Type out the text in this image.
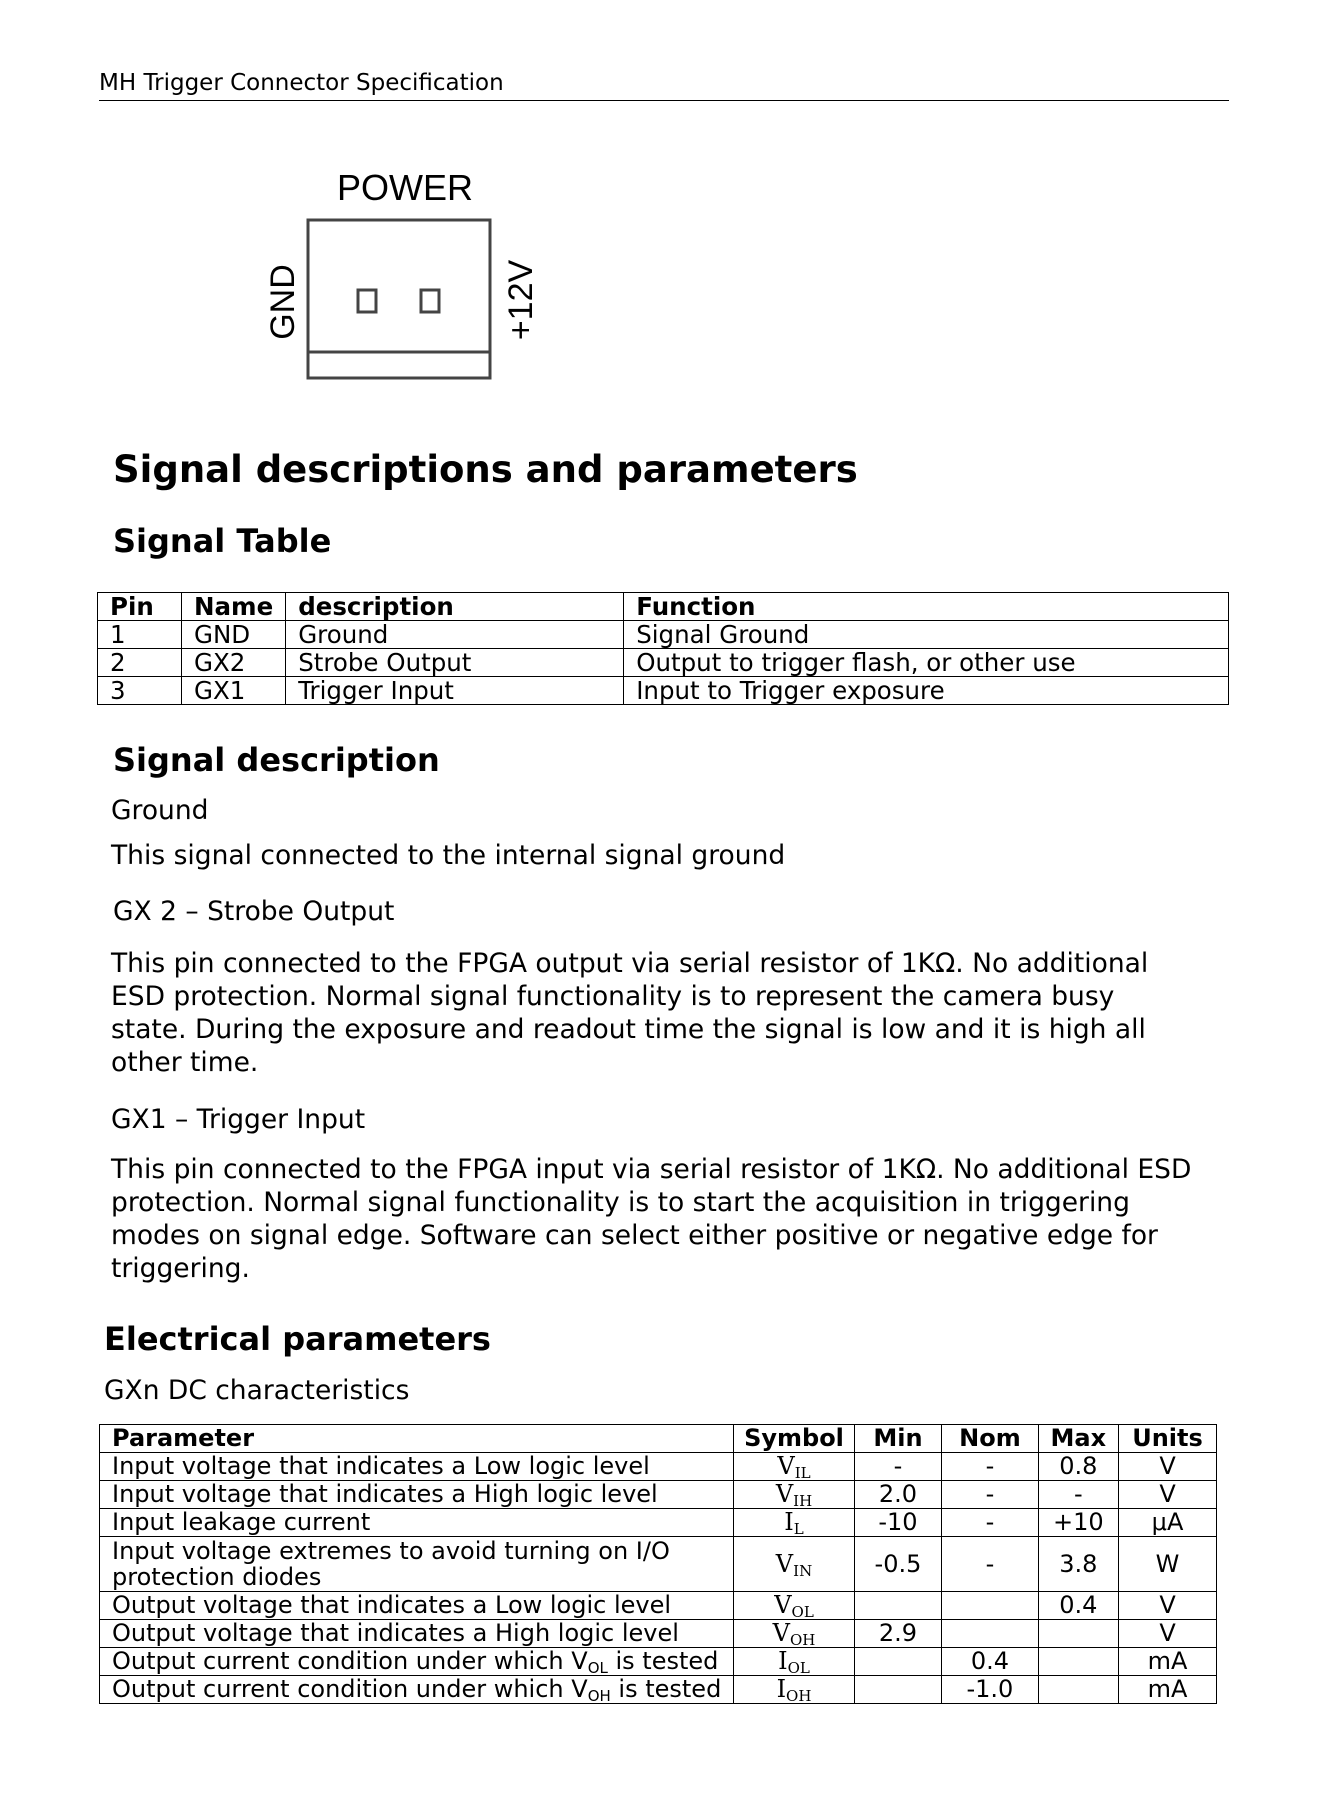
MH Trigger Connector Specification
POWER
GND	+12V
Signal descriptions and parameters
Signal Table
Pin	Name	description	Function
1	GND	Ground	Signal Ground
2	GX2	Strobe Output	Output to trigger flash, or other use
3	GX1	Trigger Input	Input to Trigger exposure
Signal description

Ground

This signal connected to the internal signal ground

GX 2 – Strobe Output

This pin connected to the FPGA output via serial resistor of 1KΩ. No additional ESD protection. Normal signal functionality is to represent the camera busy state. During the exposure and readout time the signal is low and it is high all other time.

GX1 – Trigger Input

This pin connected to the FPGA input via serial resistor of 1KΩ. No additional ESD protection. Normal signal functionality is to start the acquisition in triggering modes on signal edge. Software can select either positive or negative edge for triggering.

Electrical parameters

GXn DC characteristics

Parameter	Symbol	Min	Nom	Max	Units
Input voltage that indicates a Low logic level	$V_{IL}$	-	-	0.8	V
Input voltage that indicates a High logic level	$V_{IH}$	2.0	-	-	V
Input leakage current	$I_L$	-10	-	+10	μA
Input voltage extremes to avoid turning on I/O protection diodes	$V_{IN}$	-0.5	-	3.8	W
Output voltage that indicates a Low logic level	$V_{OL}$			0.4	V
Output voltage that indicates a High logic level	$V_{OH}$	2.9			V
Output current condition under which $V_{OL}$ is tested	$I_{OL}$		0.4		mA
Output current condition under which $V_{OH}$ is tested	$I_{OH}$		-1.0		mA
